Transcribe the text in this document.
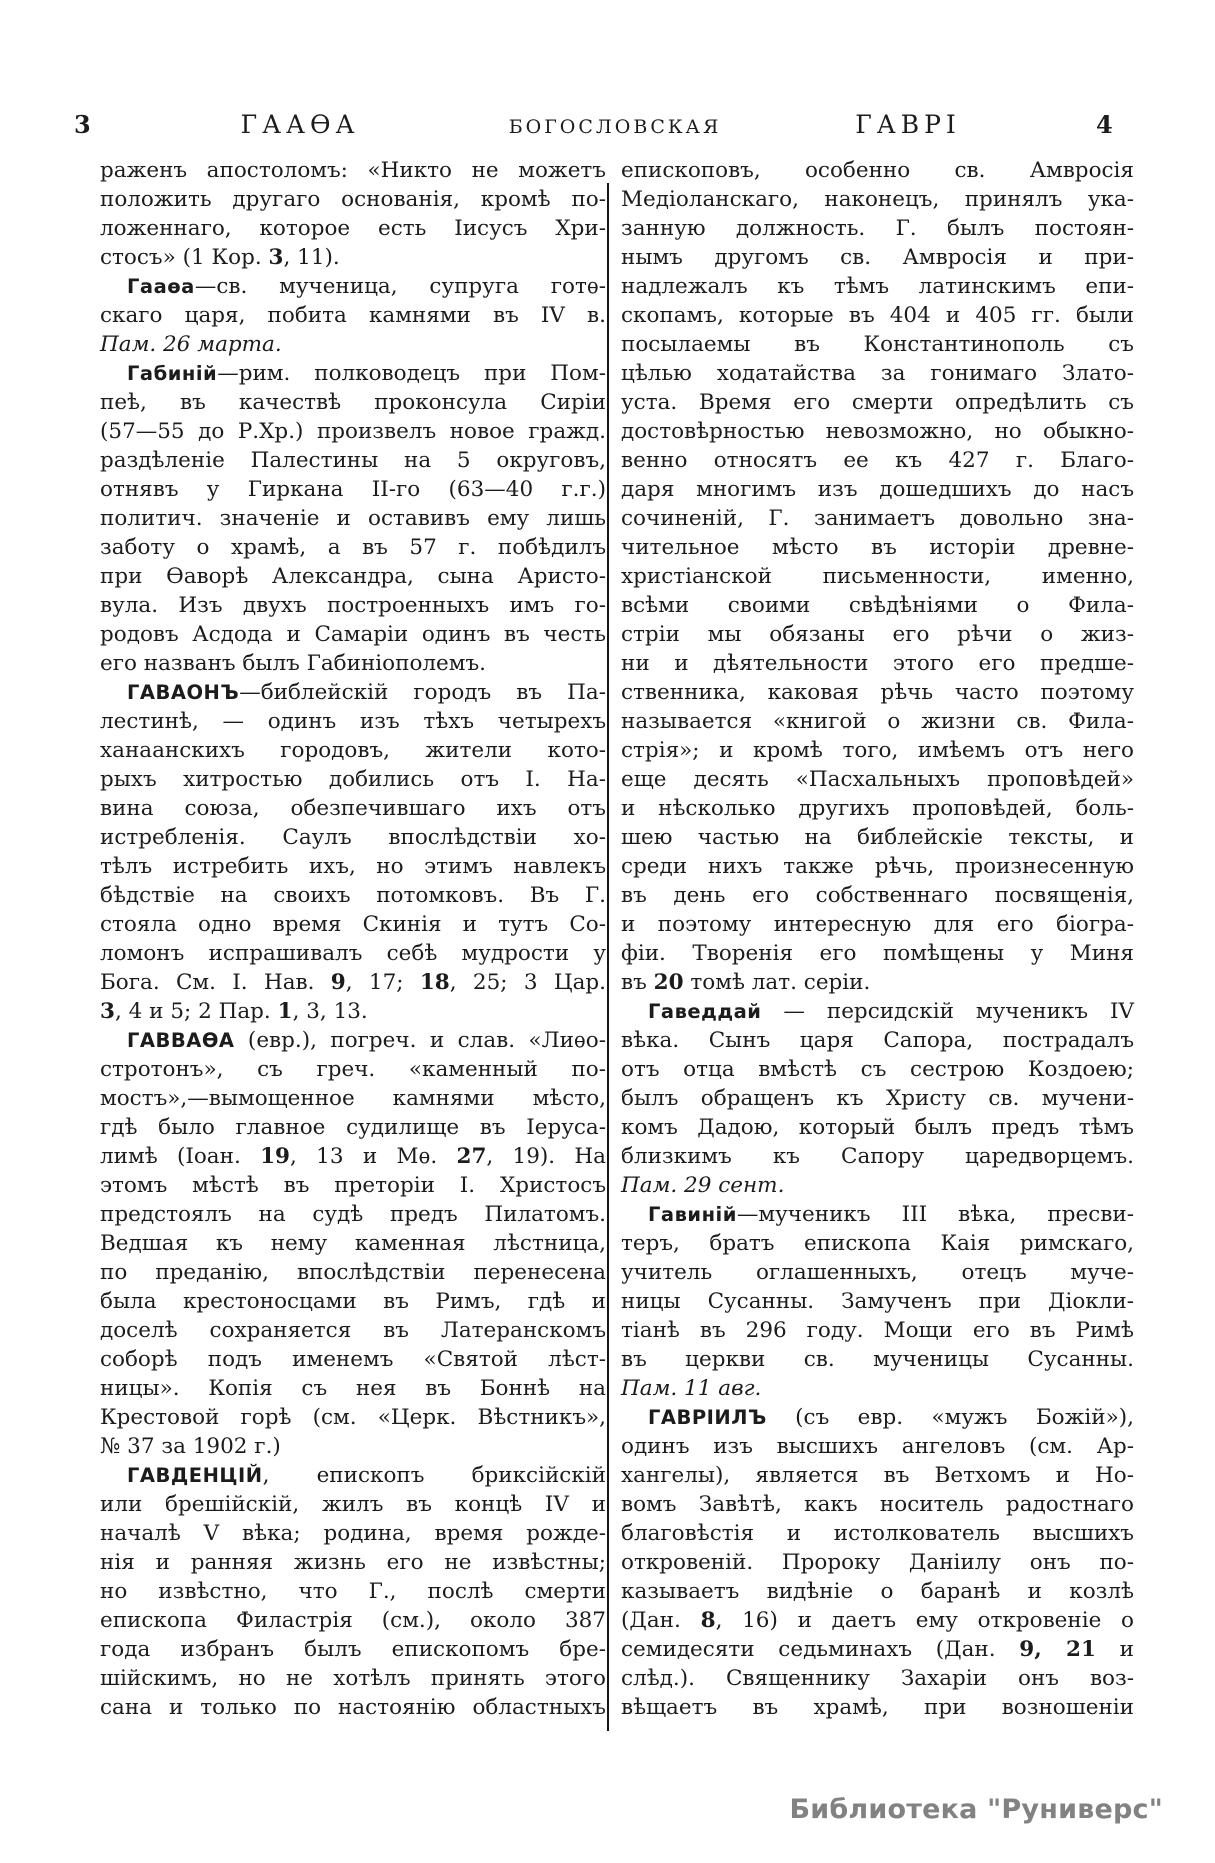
3	ГААѲА	БОГОСЛОВСКАЯ	ГАВРІ	4
раженъ апостоломъ: «Никто не можетъ
положить другаго основанія, кромѣ по-
ложеннаго, которое есть Іисусъ Хри-
стосъ» (1 Кор. 3, 11).
Гааѳа—св. мученица, супруга готѳ-
скаго царя, побита камнями въ IV в.
Пам. 26 марта.
Габиній—рим. полководецъ при Пом-
пеѣ, въ качествѣ проконсула Сиріи
(57—55 до Р.Хр.) произвелъ новое гражд.
раздѣленіе Палестины на 5 округовъ,
отнявъ у Гиркана ІІ-го (63—40 г.г.)
политич. значеніе и оставивъ ему лишь
заботу о храмѣ, а въ 57 г. побѣдилъ
при Ѳаворѣ Александра, сына Аристо-
вула. Изъ двухъ построенныхъ имъ го-
родовъ Асдода и Самаріи одинъ въ честь
его названъ былъ Габиніополемъ.
ГАВАОНЪ—библейскій городъ въ Па-
лестинѣ, — одинъ изъ тѣхъ четырехъ
ханаанскихъ городовъ, жители кото-
рыхъ хитростью добились отъ І. На-
вина союза, обезпечившаго ихъ отъ
истребленія. Саулъ впослѣдствіи хо-
тѣлъ истребить ихъ, но этимъ навлекъ
бѣдствіе на своихъ потомковъ. Въ Г.
стояла одно время Скинія и тутъ Со-
ломонъ испрашивалъ себѣ мудрости у
Бога. См. І. Нав. 9, 17; 18, 25; 3 Цар.
3, 4 и 5; 2 Пар. 1, 3, 13.
ГАВВАѲА (евр.), погреч. и слав. «Лиѳо-
стротонъ», съ греч. «каменный по-
мостъ»,—вымощенное камнями мѣсто,
гдѣ было главное судилище въ Іеруса-
лимѣ (Іоан. 19, 13 и Мѳ. 27, 19). На
этомъ мѣстѣ въ преторіи І. Христосъ
предстоялъ на судѣ предъ Пилатомъ.
Ведшая къ нему каменная лѣстница,
по преданію, впослѣдствіи перенесена
была крестоносцами въ Римъ, гдѣ и
доселѣ сохраняется въ Латеранскомъ
соборѣ подъ именемъ «Святой лѣст-
ницы». Копія съ нея въ Боннѣ на
Крестовой горѣ (см. «Церк. Вѣстникъ»,
№ 37 за 1902 г.)
ГАВДЕНЦІЙ, епископъ бриксійскій
или брешійскій, жилъ въ концѣ IV и
началѣ V вѣка; родина, время рожде-
нія и ранняя жизнь его не извѣстны;
но извѣстно, что Г., послѣ смерти
епископа Филастрія (см.), около 387
года избранъ былъ епископомъ бре-
шійскимъ, но не хотѣлъ принять этого
сана и только по настоянію областныхъ
епископовъ, особенно св. Амвросія
Медіоланскаго, наконецъ, принялъ ука-
занную должность. Г. былъ постоян-
нымъ другомъ св. Амвросія и при-
надлежалъ къ тѣмъ латинскимъ епи-
скопамъ, которые въ 404 и 405 гг. были
посылаемы въ Константинополь съ
цѣлью ходатайства за гонимаго Злато-
уста. Время его смерти опредѣлить съ
достовѣрностью невозможно, но обыкно-
венно относятъ ее къ 427 г. Благо-
даря многимъ изъ дошедшихъ до насъ
сочиненій, Г. занимаетъ довольно зна-
чительное мѣсто въ исторіи древне-
христіанской письменности, именно,
всѣми своими свѣдѣніями о Фила-
стріи мы обязаны его рѣчи о жиз-
ни и дѣятельности этого его предше-
ственника, каковая рѣчь часто поэтому
называется «книгой о жизни св. Фила-
стрія»; и кромѣ того, имѣемъ отъ него
еще десять «Пасхальныхъ проповѣдей»
и нѣсколько другихъ проповѣдей, боль-
шею частью на библейскіе тексты, и
среди нихъ также рѣчь, произнесенную
въ день его собственнаго посвященія,
и поэтому интересную для его біогра-
фіи. Творенія его помѣщены у Миня
въ 20 томѣ лат. серіи.
Гаведдай — персидскій мученикъ IV
вѣка. Сынъ царя Сапора, пострадалъ
отъ отца вмѣстѣ съ сестрою Коздоею;
былъ обращенъ къ Христу св. мучени-
комъ Дадою, который былъ предъ тѣмъ
близкимъ къ Сапору царедворцемъ.
Пам. 29 сент.
Гавиній—мученикъ III вѣка, пресви-
теръ, братъ епископа Каія римскаго,
учитель оглашенныхъ, отецъ муче-
ницы Сусанны. Замученъ при Діокли-
тіанѣ въ 296 году. Мощи его въ Римѣ
въ церкви св. мученицы Сусанны.
Пам. 11 авг.
ГАВРІИЛЪ (съ евр. «мужъ Божій»),
одинъ изъ высшихъ ангеловъ (см. Ар-
хангелы), является въ Ветхомъ и Но-
вомъ Завѣтѣ, какъ носитель радостнаго
благовѣстія и истолкователь высшихъ
откровеній. Пророку Даніилу онъ по-
казываетъ видѣніе о баранѣ и козлѣ
(Дан. 8, 16) и даетъ ему откровеніе о
семидесяти седьминахъ (Дан. 9, 21 и
слѣд.). Священнику Захаріи онъ воз-
вѣщаетъ въ храмѣ, при возношеніи
Библиотека "Руниверс"
